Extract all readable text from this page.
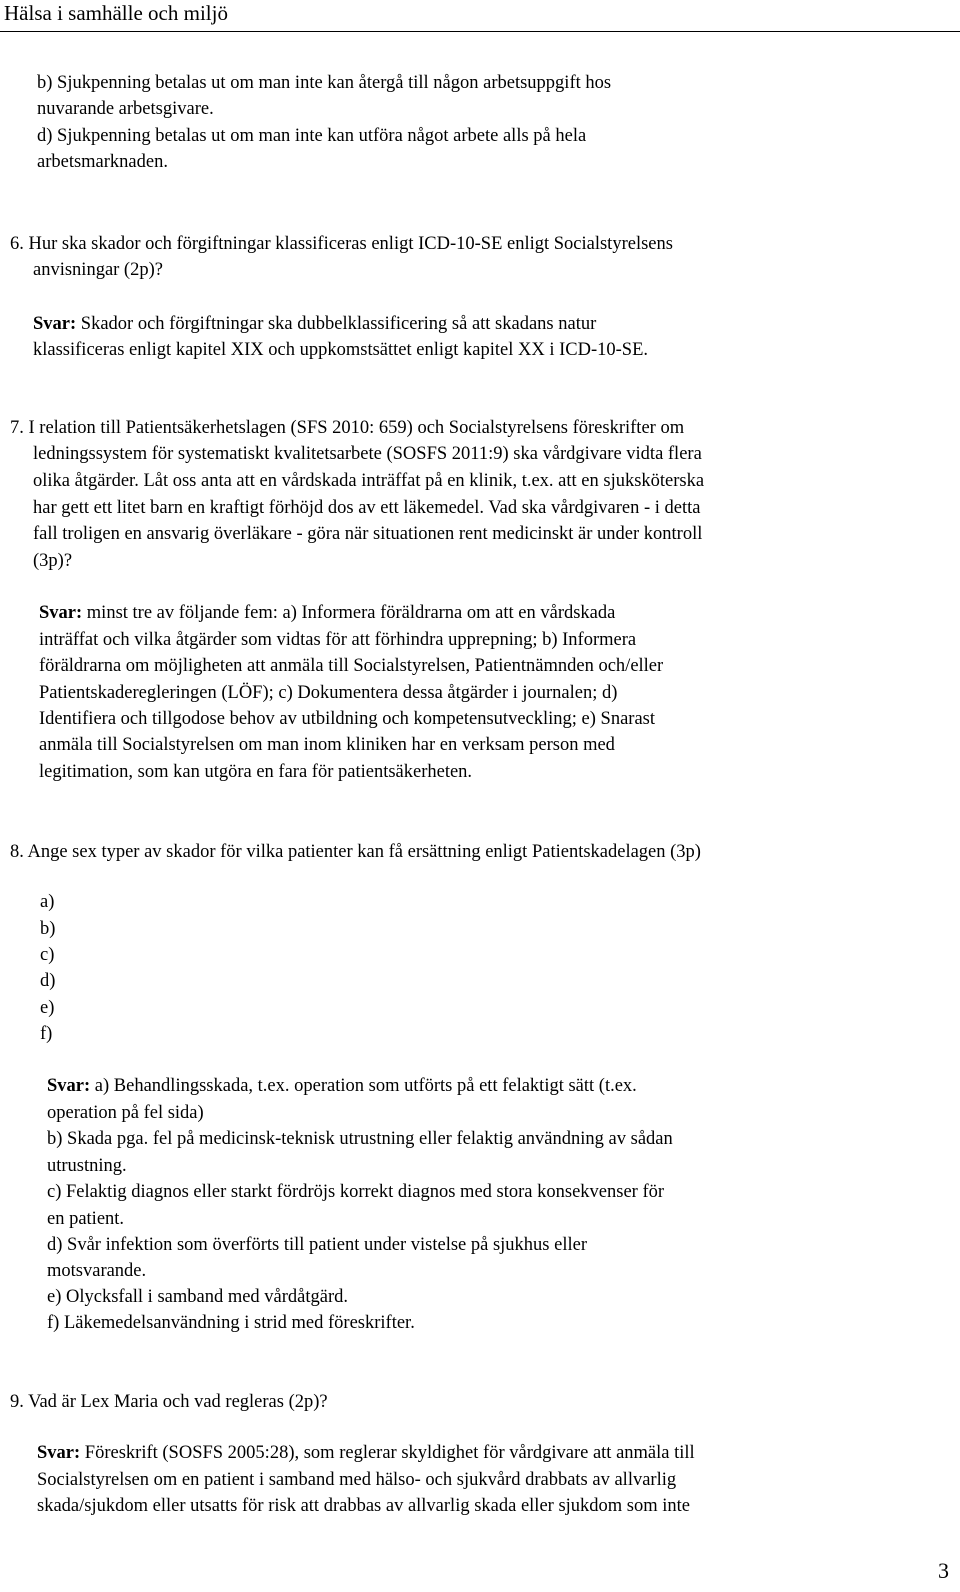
Hälsa i samhälle och miljö
b) Sjukpenning betalas ut om man inte kan återgå till någon arbetsuppgift hos
nuvarande arbetsgivare.
d) Sjukpenning betalas ut om man inte kan utföra något arbete alls på hela
arbetsmarknaden.
6. Hur ska skador och förgiftningar klassificeras enligt ICD-10-SE enligt Socialstyrelsens
anvisningar (2p)?
Svar: Skador och förgiftningar ska dubbelklassificering så att skadans natur
klassificeras enligt kapitel XIX och uppkomstsättet enligt kapitel XX i ICD-10-SE.
7. I relation till Patientsäkerhetslagen (SFS 2010: 659) och Socialstyrelsens föreskrifter om
ledningssystem för systematiskt kvalitetsarbete (SOSFS 2011:9) ska vårdgivare vidta flera
olika åtgärder. Låt oss anta att en vårdskada inträffat på en klinik, t.ex. att en sjuksköterska
har gett ett litet barn en kraftigt förhöjd dos av ett läkemedel. Vad ska vårdgivaren - i detta
fall troligen en ansvarig överläkare - göra när situationen rent medicinskt är under kontroll
(3p)?
Svar: minst tre av följande fem: a) Informera föräldrarna om att en vårdskada
inträffat och vilka åtgärder som vidtas för att förhindra upprepning; b) Informera
föräldrarna om möjligheten att anmäla till Socialstyrelsen, Patientnämnden och/eller
Patientskaderegleringen (LÖF); c) Dokumentera dessa åtgärder i journalen; d)
Identifiera och tillgodose behov av utbildning och kompetensutveckling; e) Snarast
anmäla till Socialstyrelsen om man inom kliniken har en verksam person med
legitimation, som kan utgöra en fara för patientsäkerheten.
8. Ange sex typer av skador för vilka patienter kan få ersättning enligt Patientskadelagen (3p)
a)
b)
c)
d)
e)
f)
Svar: a) Behandlingsskada, t.ex. operation som utförts på ett felaktigt sätt (t.ex.
operation på fel sida)
b) Skada pga. fel på medicinsk-teknisk utrustning eller felaktig användning av sådan
utrustning.
c) Felaktig diagnos eller starkt fördröjs korrekt diagnos med stora konsekvenser för
en patient.
d) Svår infektion som överförts till patient under vistelse på sjukhus eller
motsvarande.
e) Olycksfall i samband med vårdåtgärd.
f) Läkemedelsanvändning i strid med föreskrifter.
9. Vad är Lex Maria och vad regleras (2p)?
Svar: Föreskrift (SOSFS 2005:28), som reglerar skyldighet för vårdgivare att anmäla till
Socialstyrelsen om en patient i samband med hälso- och sjukvård drabbats av allvarlig
skada/sjukdom eller utsatts för risk att drabbas av allvarlig skada eller sjukdom som inte
3
